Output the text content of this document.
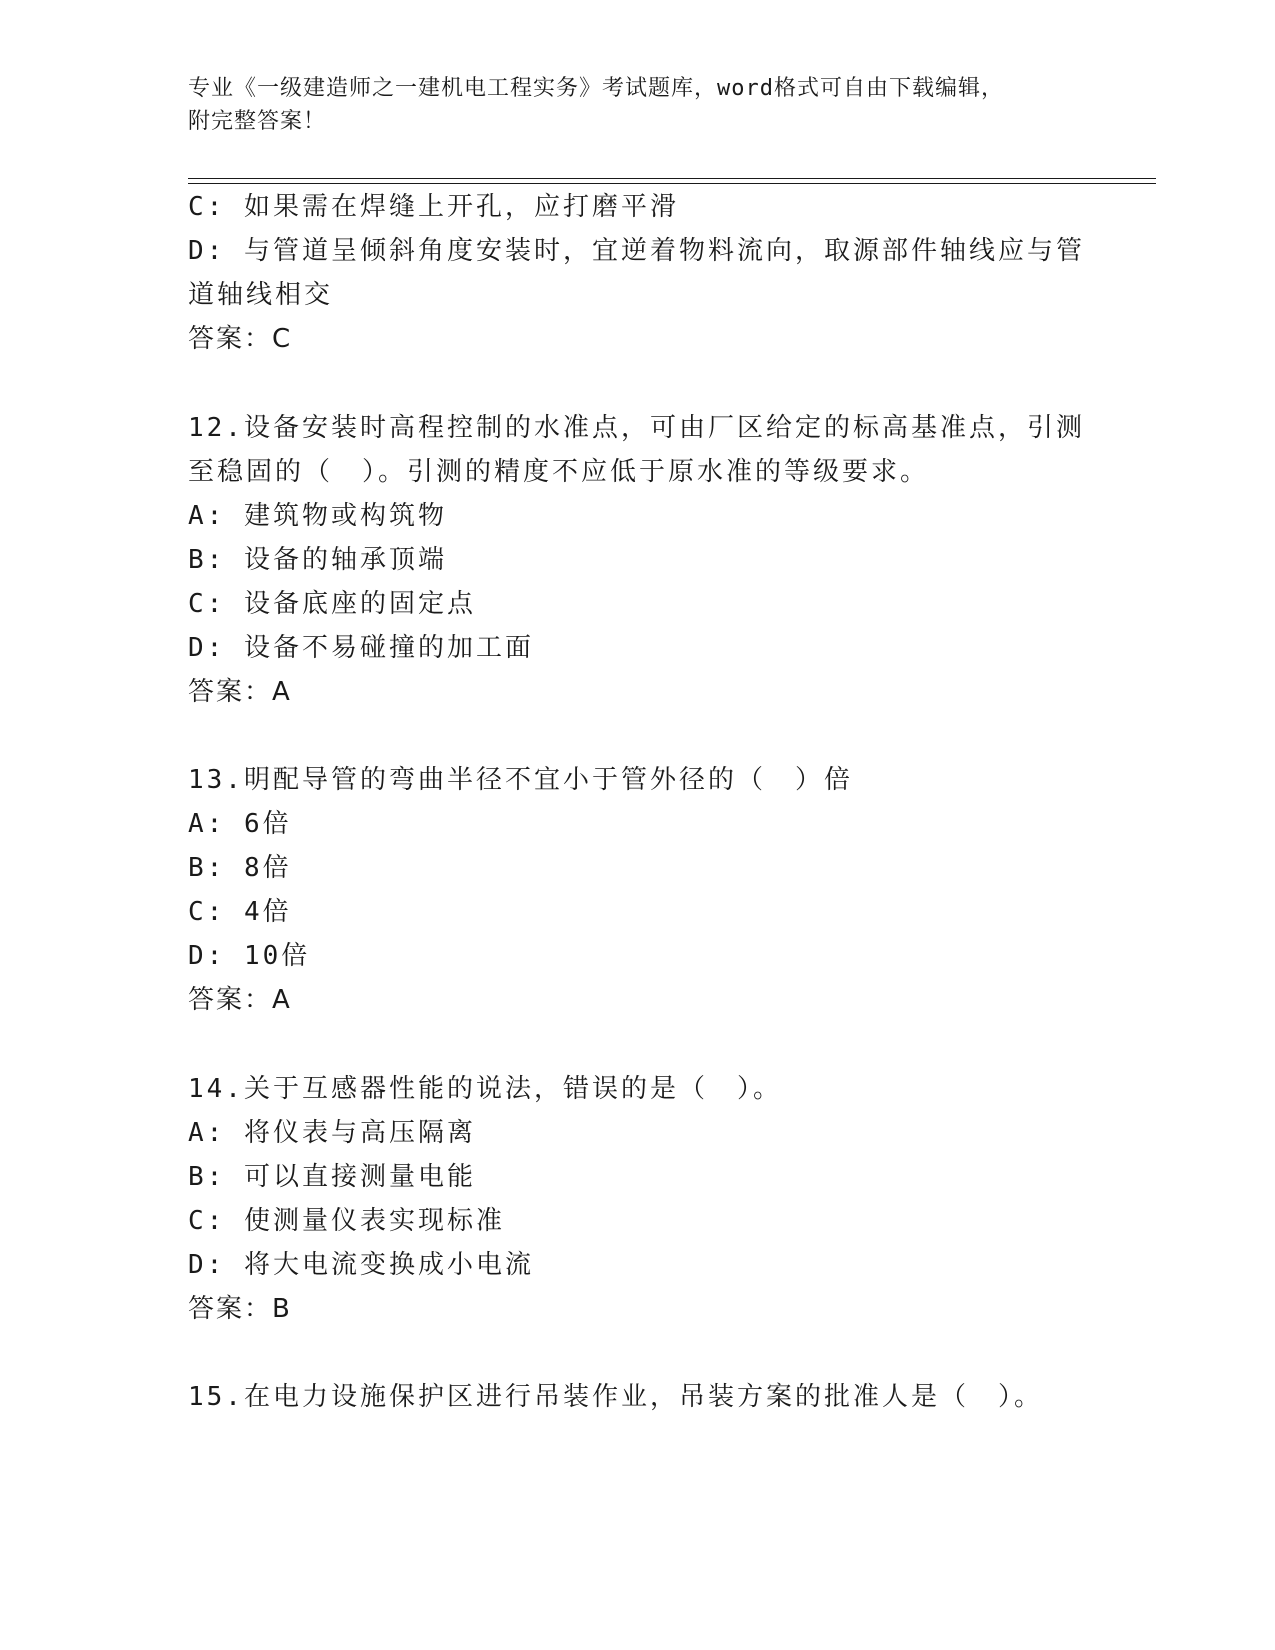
专业《一级建造师之一建机电工程实务》考试题库，word格式可自由下载编辑，
附完整答案！
C: 如果需在焊缝上开孔，应打磨平滑
D: 与管道呈倾斜角度安装时，宜逆着物料流向，取源部件轴线应与管
道轴线相交
答案：C
12.设备安装时高程控制的水准点，可由厂区给定的标高基准点，引测
至稳固的（　）。引测的精度不应低于原水准的等级要求。
A: 建筑物或构筑物
B: 设备的轴承顶端
C: 设备底座的固定点
D: 设备不易碰撞的加工面
答案：A
13.明配导管的弯曲半径不宜小于管外径的（　）倍
A: 6倍
B: 8倍
C: 4倍
D: 10倍
答案：A
14.关于互感器性能的说法，错误的是（　）。
A: 将仪表与高压隔离
B: 可以直接测量电能
C: 使测量仪表实现标准
D: 将大电流变换成小电流
答案：B
15.在电力设施保护区进行吊装作业，吊装方案的批准人是（　）。
